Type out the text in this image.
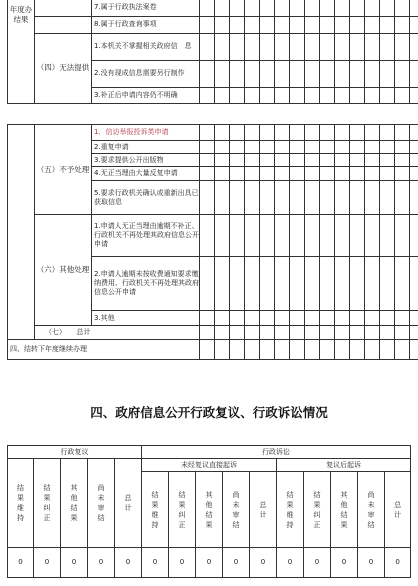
年度办结果		7.属于行政执法案卷																
		8.属于行政查询事项																
	（四）无法提供	1.本机关不掌握相关政府信　息																
		2.没有现成信息需要另行制作																
		3.补正后申请内容仍不明确																
	（五）不予处理	1．信访举报投诉类申请																
		2.重复申请																
		3.要求提供公开出版物																
		4.无正当理由大量反复申请																
		5.要求行政机关确认或重新出具已获取信息																
	（六）其他处理	1.申请人无正当理由逾期不补正、行政机关不再处理其政府信息公开申请																
		2.申请人逾期未按收费通知要求缴纳费用、行政机关不再处理其政府信息公开申请																
		3.其他																
	（七）　　总计																	
四、结转下年度继续办理																		
四、政府信息公开行政复议、行政诉讼情况
行政复议					行政诉讼									
结果维持	结果纠正	其他结果	尚未审结	总计	未经复议直接起诉					复议后起诉				
					结果维持	结果纠正	其他结果	尚未审结	总计	结果维持	结果纠正	其他结果	尚未审结	总计
0	0	0	0	0	0	0	0	0	0	0	0	0	0	0
